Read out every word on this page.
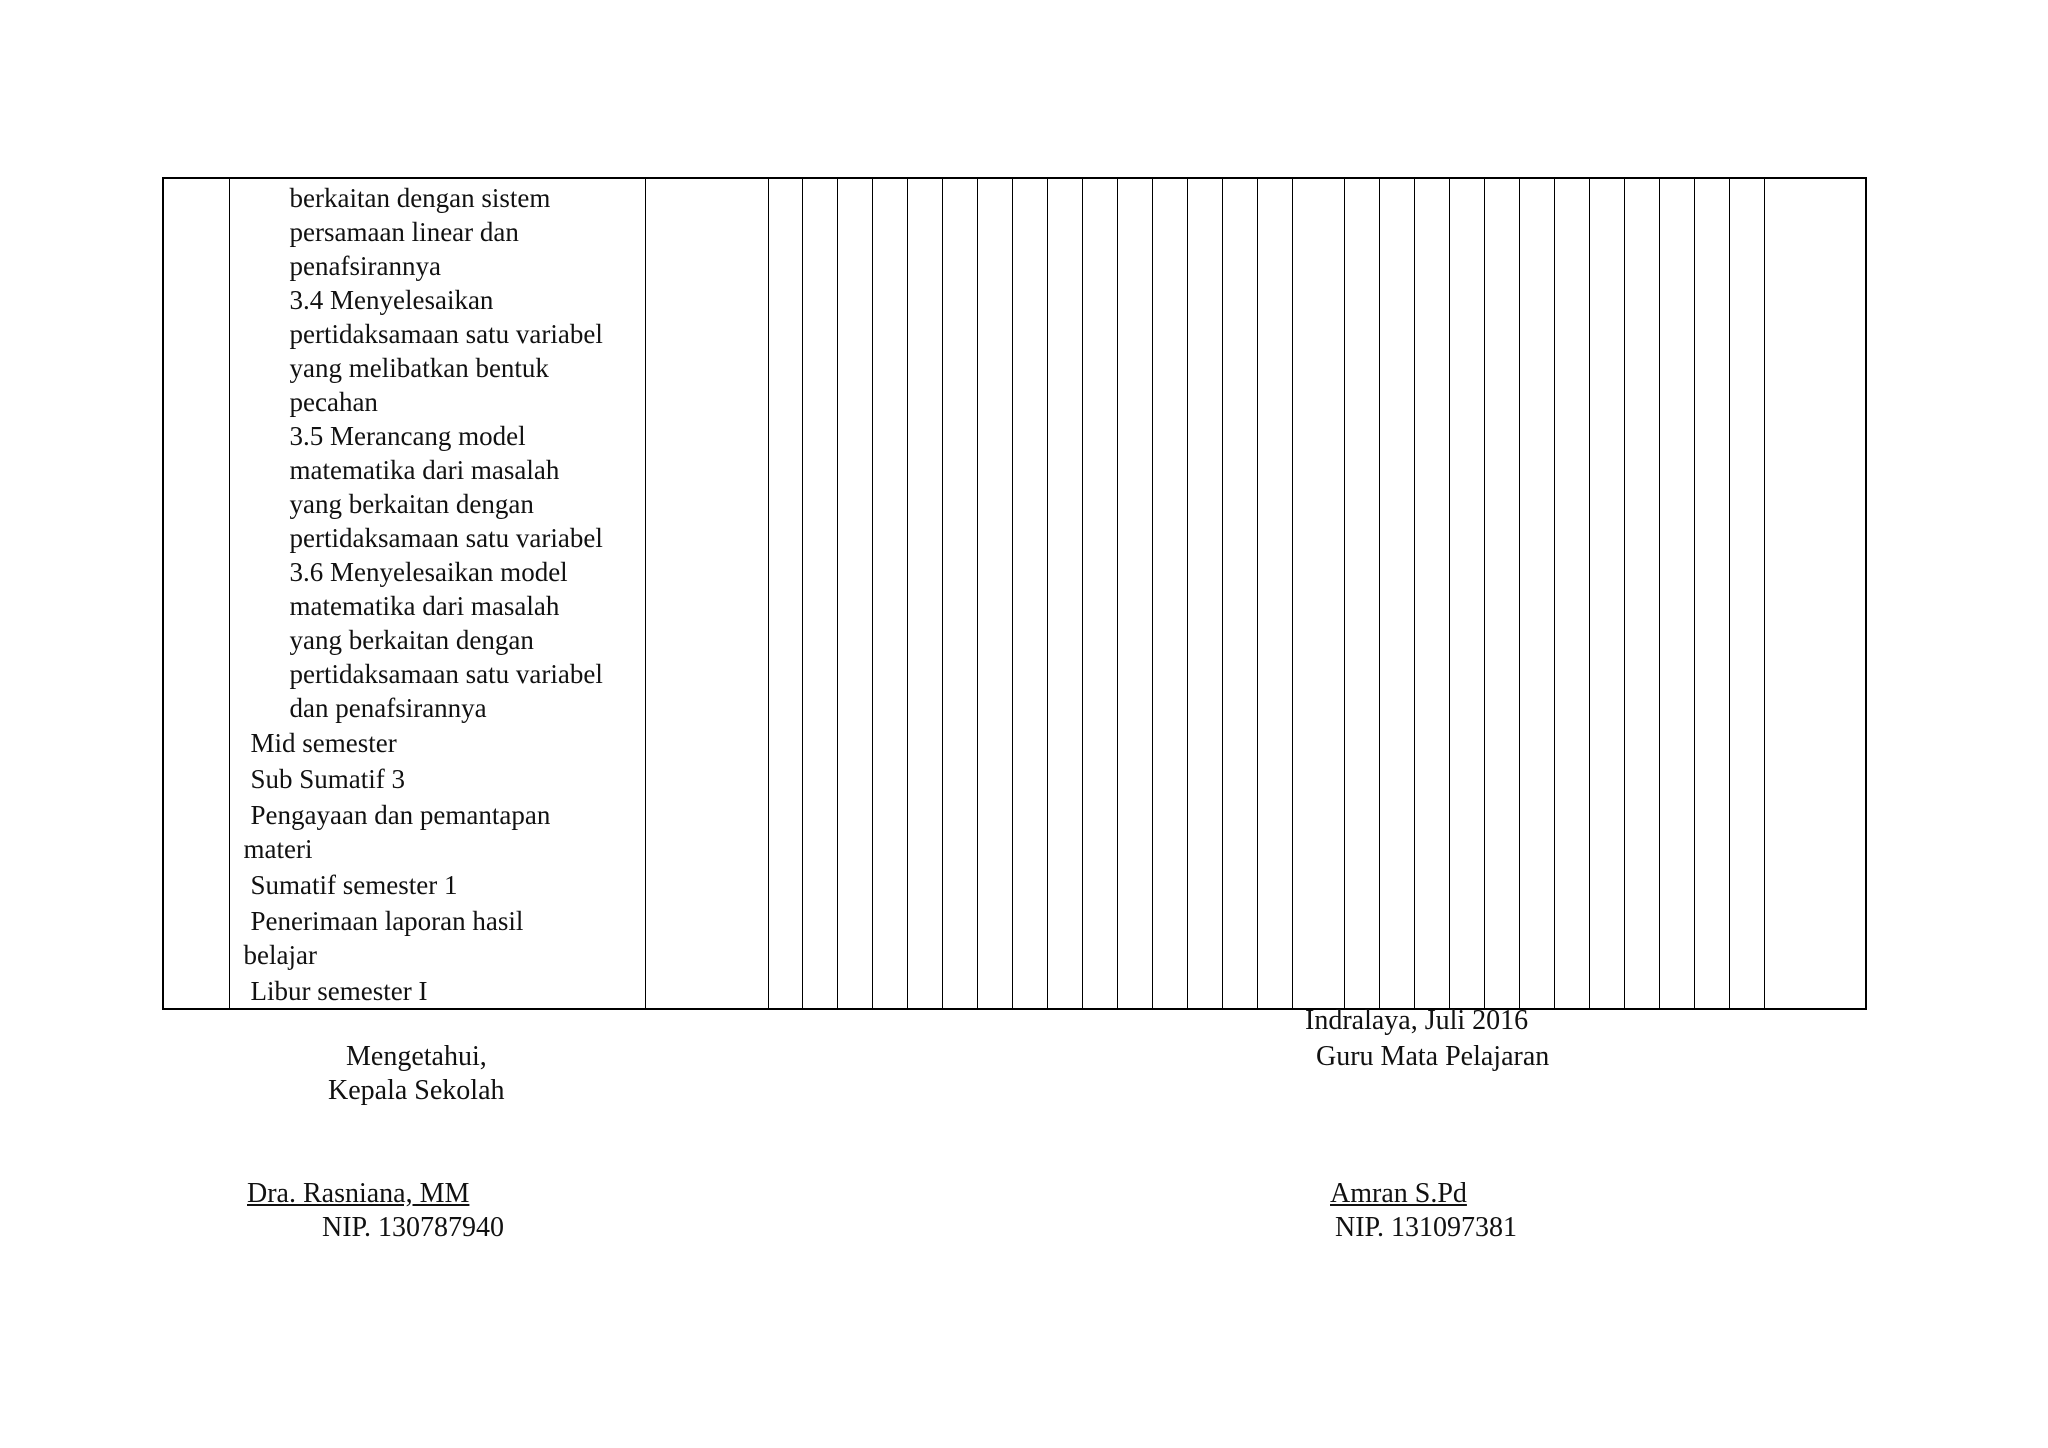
berkaitan dengan sistem
persamaan linear dan
penafsirannya
3.4 Menyelesaikan
pertidaksamaan satu variabel
yang melibatkan bentuk
pecahan
3.5 Merancang model
matematika dari masalah
yang berkaitan dengan
pertidaksamaan satu variabel
3.6 Menyelesaikan model
matematika dari masalah
yang berkaitan dengan
pertidaksamaan satu variabel
dan penafsirannya
Mid semester
Sub Sumatif 3
Pengayaan dan pemantapan
materi
Sumatif semester 1
Penerimaan laporan hasil
belajar
Libur semester I

Indralaya, Juli 2016
Mengetahui,	Guru Mata Pelajaran
Kepala Sekolah
Dra. Rasniana, MM	Amran S.Pd
NIP. 130787940	NIP. 131097381
